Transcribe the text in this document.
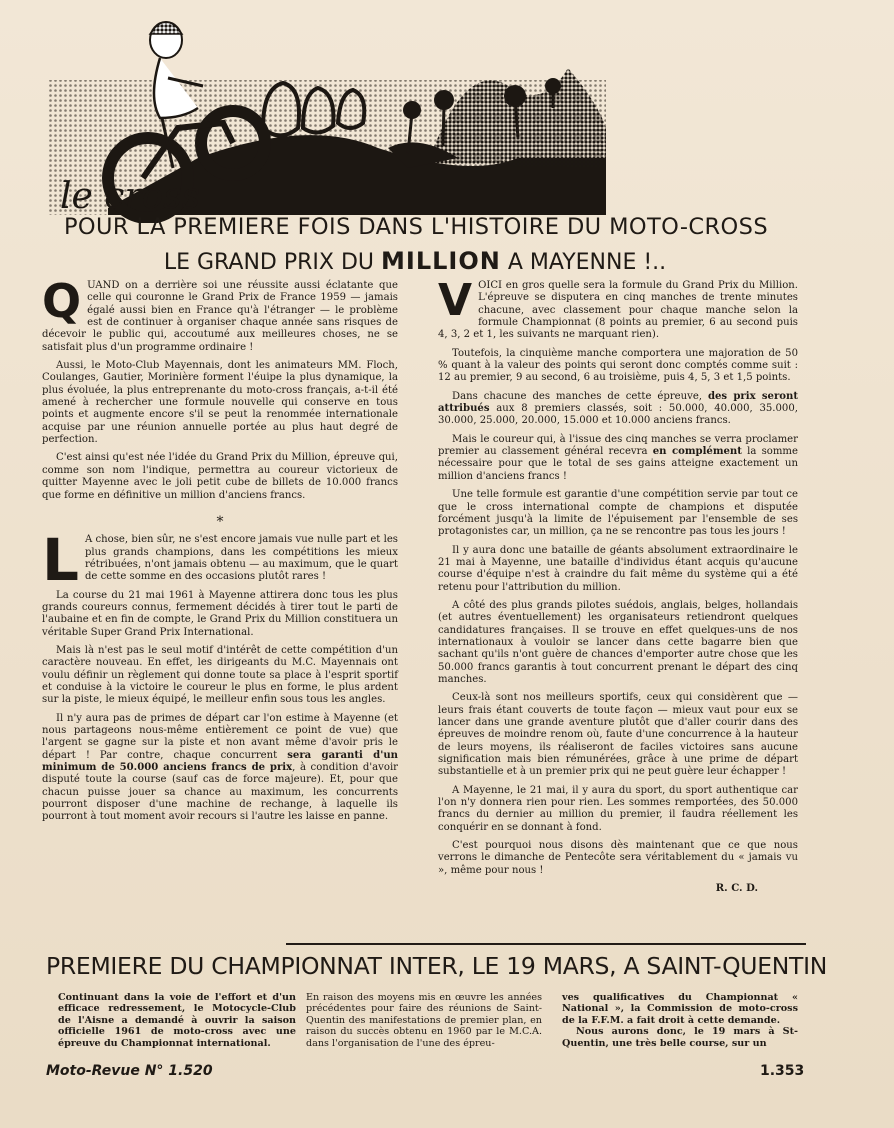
le cross
POUR LA PREMIERE FOIS DANS L'HISTOIRE DU MOTO-CROSS
LE GRAND PRIX DU MILLION A MAYENNE !..

QUAND on a derrière soi une réussite aussi éclatante que celle qui couronne le Grand Prix de France 1959 — jamais égalé aussi bien en France qu'à l'étranger — le problème est de continuer à organiser chaque année sans risques de décevoir le public qui, accoutumé aux meilleures choses, ne se satisfait plus d'un programme ordinaire !

Aussi, le Moto-Club Mayennais, dont les animateurs MM. Floch, Coulanges, Gautier, Morinière forment l'éuipe la plus dynamique, la plus évoluée, la plus entreprenante du moto-cross français, a-t-il été amené à rechercher une formule nouvelle qui conserve en tous points et augmente encore s'il se peut la renommée internationale acquise par une réunion annuelle portée au plus haut degré de perfection.

C'est ainsi qu'est née l'idée du Grand Prix du Million, épreuve qui, comme son nom l'indique, permettra au coureur victorieux de quitter Mayenne avec le joli petit cube de billets de 10.000 francs que forme en définitive un million d'anciens francs.

*

L A chose, bien sûr, ne s'est encore jamais vue nulle part et les plus grands champions, dans les compétitions les mieux rétribuées, n'ont jamais obtenu — au maximum, que le quart de cette somme en des occasions plutôt rares !

La course du 21 mai 1961 à Mayenne attirera donc tous les plus grands coureurs connus, fermement décidés à tirer tout le parti de l'aubaine et en fin de compte, le Grand Prix du Million constituera un véritable Super Grand Prix International.

Mais là n'est pas le seul motif d'intérêt de cette compétition d'un caractère nouveau. En effet, les dirigeants du M.C. Mayennais ont voulu définir un règlement qui donne toute sa place à l'esprit sportif et conduise à la victoire le coureur le plus en forme, le plus ardent sur la piste, le mieux équipé, le meilleur enfin sous tous les angles.

Il n'y aura pas de primes de départ car l'on estime à Mayenne (et nous partageons nous-même entièrement ce point de vue) que l'argent se gagne sur la piste et non avant même d'avoir pris le départ ! Par contre, chaque concurrent sera garanti d'un minimum de 50.000 anciens francs de prix, à condition d'avoir disputé toute la course (sauf cas de force majeure). Et, pour que chacun puisse jouer sa chance au maximum, les concurrents pourront disposer d'une machine de rechange, à laquelle ils pourront à tout moment avoir recours si l'autre les laisse en panne.

VOICI en gros quelle sera la formule du Grand Prix du Million. L'épreuve se disputera en cinq manches de trente minutes chacune, avec classement pour chaque manche selon la formule Championnat (8 points au premier, 6 au second puis 4, 3, 2 et 1, les suivants ne marquant rien).

Toutefois, la cinquième manche comportera une majoration de 50 % quant à la valeur des points qui seront donc comptés comme suit : 12 au premier, 9 au second, 6 au troisième, puis 4, 5, 3 et 1,5 points.

Dans chacune des manches de cette épreuve, des prix seront attribués aux 8 premiers classés, soit : 50.000, 40.000, 35.000, 30.000, 25.000, 20.000, 15.000 et 10.000 anciens francs.

Mais le coureur qui, à l'issue des cinq manches se verra proclamer premier au classement général recevra en complément la somme nécessaire pour que le total de ses gains atteigne exactement un million d'anciens francs !

Une telle formule est garantie d'une compétition servie par tout ce que le cross international compte de champions et disputée forcément jusqu'à la limite de l'épuisement par l'ensemble de ses protagonistes car, un million, ça ne se rencontre pas tous les jours !

Il y aura donc une bataille de géants absolument extraordinaire le 21 mai à Mayenne, une bataille d'individus étant acquis qu'aucune course d'équipe n'est à craindre du fait même du système qui a été retenu pour l'attribution du million.

A côté des plus grands pilotes suédois, anglais, belges, hollandais (et autres éventuellement) les organisateurs retiendront quelques candidatures françaises. Il se trouve en effet quelques-uns de nos internationaux à vouloir se lancer dans cette bagarre bien que sachant qu'ils n'ont guère de chances d'emporter autre chose que les 50.000 francs garantis à tout concurrent prenant le départ des cinq manches.

Ceux-là sont nos meilleurs sportifs, ceux qui considèrent que — leurs frais étant couverts de toute façon — mieux vaut pour eux se lancer dans une grande aventure plutôt que d'aller courir dans des épreuves de moindre renom où, faute d'une concurrence à la hauteur de leurs moyens, ils réaliseront de faciles victoires sans aucune signification mais bien rémunérées, grâce à une prime de départ substantielle et à un premier prix qui ne peut guère leur échapper !

A Mayenne, le 21 mai, il y aura du sport, du sport authentique car l'on n'y donnera rien pour rien. Les sommes remportées, des 50.000 francs du dernier au million du premier, il faudra réellement les conquérir en se donnant à fond.

C'est pourquoi nous disons dès maintenant que ce que nous verrons le dimanche de Pentecôte sera véritablement du « jamais vu », même pour nous !

R. C. D.
PREMIERE DU CHAMPIONNAT INTER, LE 19 MARS, A SAINT-QUENTIN

Continuant dans la voie de l'effort et d'un efficace redressement, le Motocycle-Club de l'Aisne a demandé à ouvrir la saison officielle 1961 de moto-cross avec une épreuve du Championnat international.

En raison des moyens mis en œuvre les années précédentes pour faire des réunions de Saint-Quentin des manifestations de premier plan, en raison du succès obtenu en 1960 par le M.C.A. dans l'organisation de l'une des épreu-

ves qualificatives du Championnat « National », la Commission de moto-cross de la F.F.M. a fait droit à cette demande.

Nous aurons donc, le 19 mars à St-Quentin, une très belle course, sur un

Moto-Revue N° 1.520	1.353
